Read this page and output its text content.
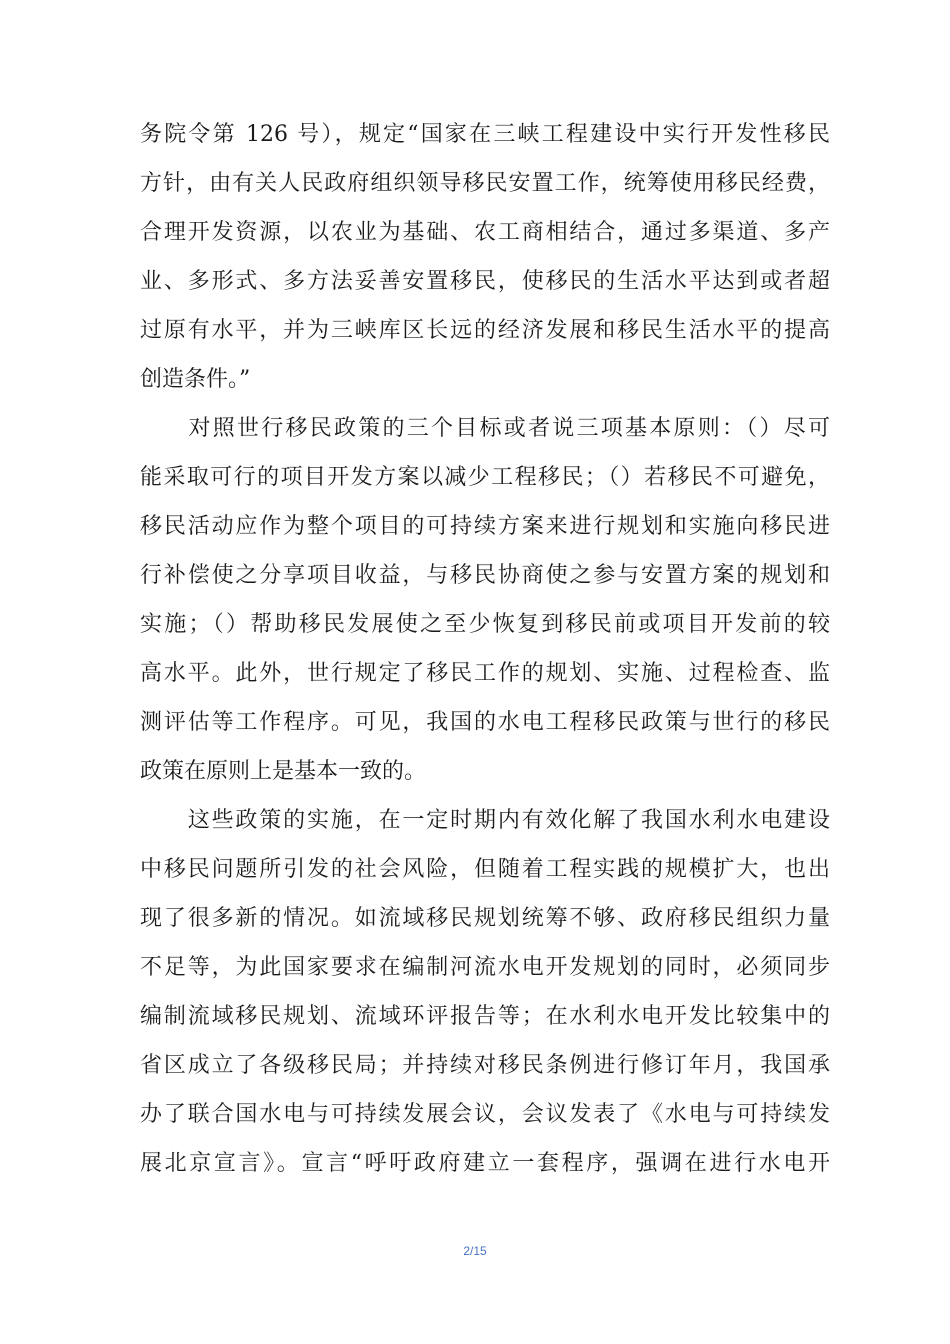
务院令第 126 号），规定“国家在三峡工程建设中实行开发性移民
方针，由有关人民政府组织领导移民安置工作，统筹使用移民经费，
合理开发资源，以农业为基础、农工商相结合，通过多渠道、多产
业、多形式、多方法妥善安置移民，使移民的生活水平达到或者超
过原有水平，并为三峡库区长远的经济发展和移民生活水平的提高
创造条件。”
　　对照世行移民政策的三个目标或者说三项基本原则：（）尽可
能采取可行的项目开发方案以减少工程移民；（）若移民不可避免，
移民活动应作为整个项目的可持续方案来进行规划和实施向移民进
行补偿使之分享项目收益，与移民协商使之参与安置方案的规划和
实施；（）帮助移民发展使之至少恢复到移民前或项目开发前的较
高水平。此外，世行规定了移民工作的规划、实施、过程检查、监
测评估等工作程序。可见，我国的水电工程移民政策与世行的移民
政策在原则上是基本一致的。
　　这些政策的实施，在一定时期内有效化解了我国水利水电建设
中移民问题所引发的社会风险，但随着工程实践的规模扩大，也出
现了很多新的情况。如流域移民规划统筹不够、政府移民组织力量
不足等，为此国家要求在编制河流水电开发规划的同时，必须同步
编制流域移民规划、流域环评报告等；在水利水电开发比较集中的
省区成立了各级移民局；并持续对移民条例进行修订年月，我国承
办了联合国水电与可持续发展会议，会议发表了《水电与可持续发
展北京宣言》。宣言“呼吁政府建立一套程序，强调在进行水电开
2/15
